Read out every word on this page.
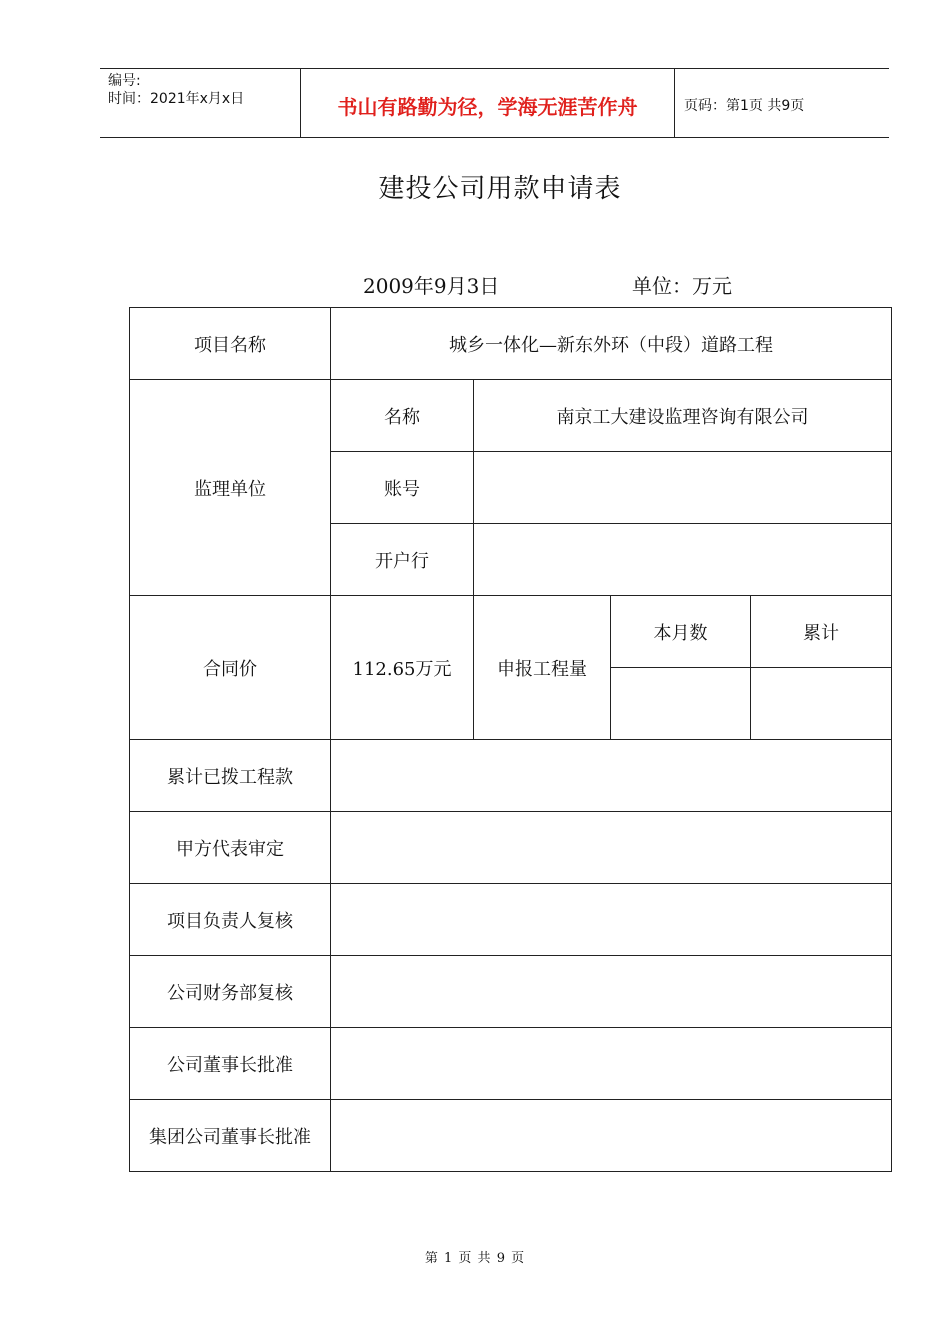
编号:
时间：2021年x月x日	书山有路勤为径，学海无涯苦作舟	页码：第1页 共9页
建投公司用款申请表
2009年9月3日	单位：万元
项目名称	城乡一体化—新东外环（中段）道路工程			
监理单位	名称	南京工大建设监理咨询有限公司		
	账号			
	开户行			
合同价	112.65万元	申报工程量	本月数	累计

累计已拨工程款				
甲方代表审定				
项目负责人复核				
公司财务部复核				
公司董事长批准				
集团公司董事长批准				
第 1 页 共 9 页
